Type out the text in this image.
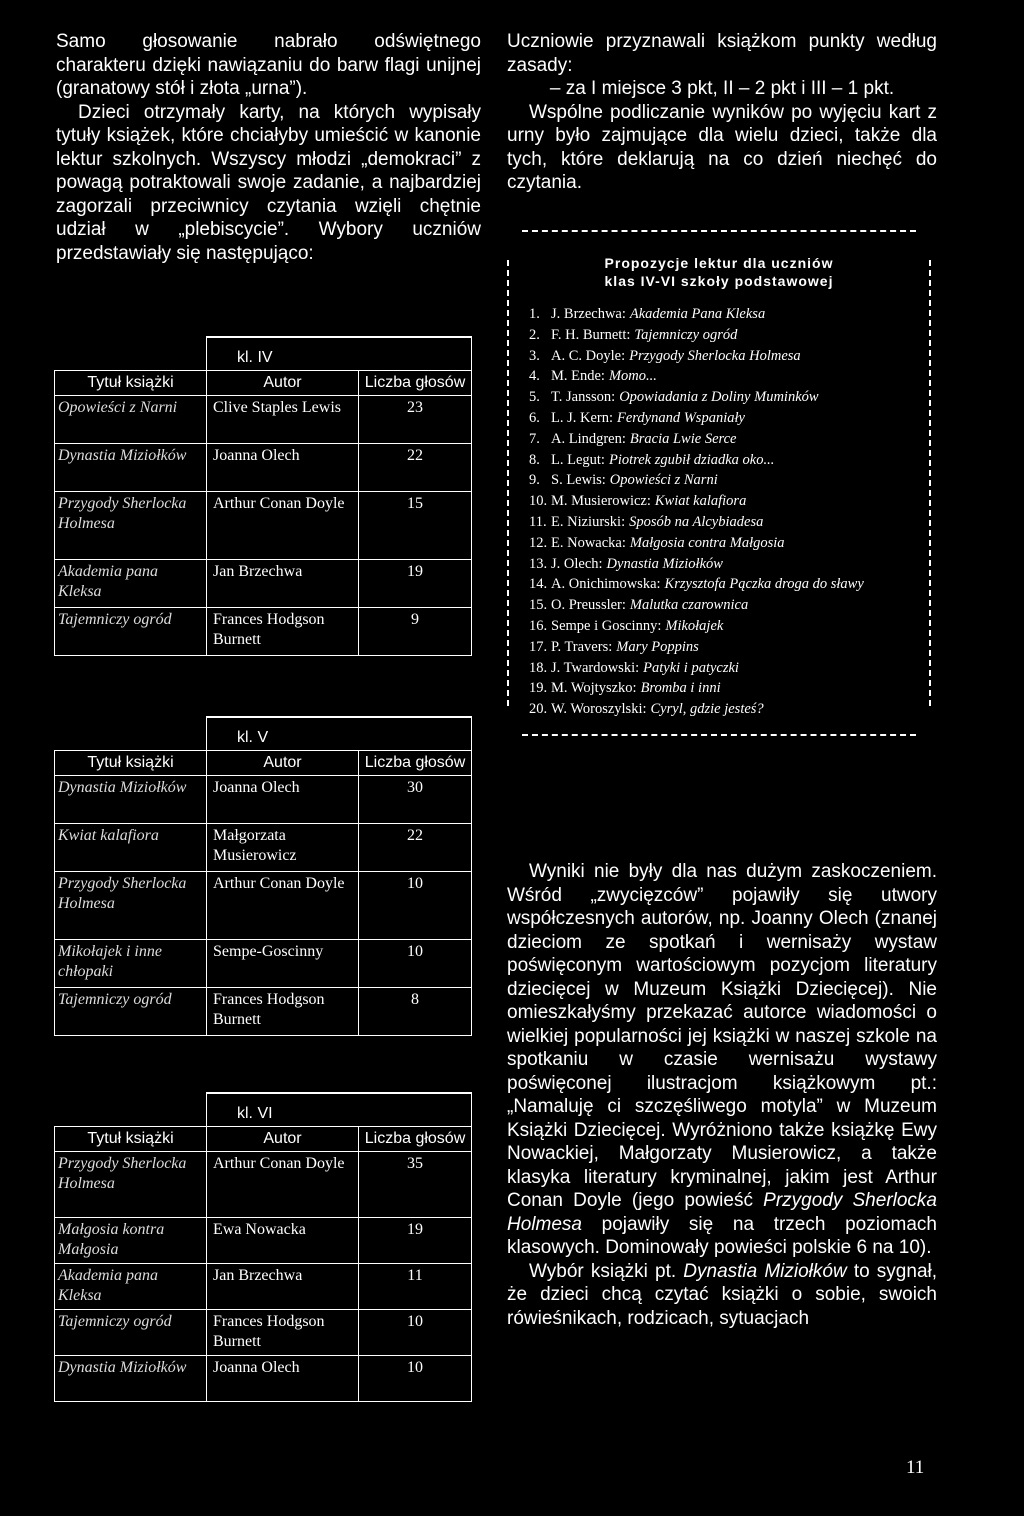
Samo głosowanie nabrało odświętnego charakteru dzięki nawiązaniu do barw flagi unijnej (granatowy stół i złota „urna”).

Dzieci otrzymały karty, na których wypisały tytuły książek, które chciałyby umieścić w kanonie lektur szkolnych. Wszyscy młodzi „demokraci” z powagą potraktowali swoje zadanie, a najbardziej zagorzali przeciwnicy czytania wzięli chętnie udział w „plebiscycie”. Wybory uczniów przedstawiały się następująco:

	kl. IV	
Tytuł książki	Autor	Liczba głosów
Opowieści z Narni	Clive Staples Lewis	23
Dynastia Miziołków	Joanna Olech	22
Przygody Sherlocka Holmesa	Arthur Conan Doyle	15
Akademia pana Kleksa	Jan Brzechwa	19
Tajemniczy ogród	Frances Hodgson Burnett	9
	kl. V	
Tytuł książki	Autor	Liczba głosów
Dynastia Miziołków	Joanna Olech	30
Kwiat kalafiora	Małgorzata Musierowicz	22
Przygody Sherlocka Holmesa	Arthur Conan Doyle	10
Mikołajek i inne chłopaki	Sempe-Goscinny	10
Tajemniczy ogród	Frances Hodgson Burnett	8
	kl. VI	
Tytuł książki	Autor	Liczba głosów
Przygody Sherlocka Holmesa	Arthur Conan Doyle	35
Małgosia kontra Małgosia	Ewa Nowacka	19
Akademia pana Kleksa	Jan Brzechwa	11
Tajemniczy ogród	Frances Hodgson Burnett	10
Dynastia Miziołków	Joanna Olech	10

Uczniowie przyznawali książkom punkty według zasady:

– za I miejsce 3 pkt, II – 2 pkt i III – 1 pkt.

Wspólne podliczanie wyników po wyjęciu kart z urny było zajmujące dla wielu dzieci, także dla tych, które deklarują na co dzień niechęć do czytania.

Propozycje lektur dla uczniów
klas IV-VI szkoły podstawowej
1. J. Brzechwa: Akademia Pana Kleksa
2. F. H. Burnett: Tajemniczy ogród
3. A. C. Doyle: Przygody Sherlocka Holmesa
4. M. Ende: Momo...
5. T. Jansson: Opowiadania z Doliny Muminków
6. L. J. Kern: Ferdynand Wspaniały
7. A. Lindgren: Bracia Lwie Serce
8. L. Legut: Piotrek zgubił dziadka oko...
9. S. Lewis: Opowieści z Narni
10. M. Musierowicz: Kwiat kalafiora
11. E. Niziurski: Sposób na Alcybiadesa
12. E. Nowacka: Małgosia contra Małgosia
13. J. Olech: Dynastia Miziołków
14. A. Onichimowska: Krzysztofa Pączka droga do sławy
15. O. Preussler: Malutka czarownica
16. Sempe i Goscinny: Mikołajek
17. P. Travers: Mary Poppins
18. J. Twardowski: Patyki i patyczki
19. M. Wojtyszko: Bromba i inni
20. W. Woroszylski: Cyryl, gdzie jesteś?

Wyniki nie były dla nas dużym zaskoczeniem. Wśród „zwycięzców” pojawiły się utwory współczesnych autorów, np. Joanny Olech (znanej dzieciom ze spotkań i wernisaży wystaw poświęconym wartościowym pozycjom literatury dziecięcej w Muzeum Książki Dziecięcej). Nie omieszkałyśmy przekazać autorce wiadomości o wielkiej popularności jej książki w naszej szkole na spotkaniu w czasie wernisażu wystawy poświęconej ilustracjom książkowym pt.: „Namaluję ci szczęśliwego motyla” w Muzeum Książki Dziecięcej. Wyróżniono także książkę Ewy Nowackiej, Małgorzaty Musierowicz, a także klasyka literatury kryminalnej, jakim jest Arthur Conan Doyle (jego powieść Przygody Sherlocka Holmesa pojawiły się na trzech poziomach klasowych. Dominowały powieści polskie 6 na 10).

Wybór książki pt. Dynastia Miziołków to sygnał, że dzieci chcą czytać książki o sobie, swoich rówieśnikach, rodzicach, sytuacjach

11
